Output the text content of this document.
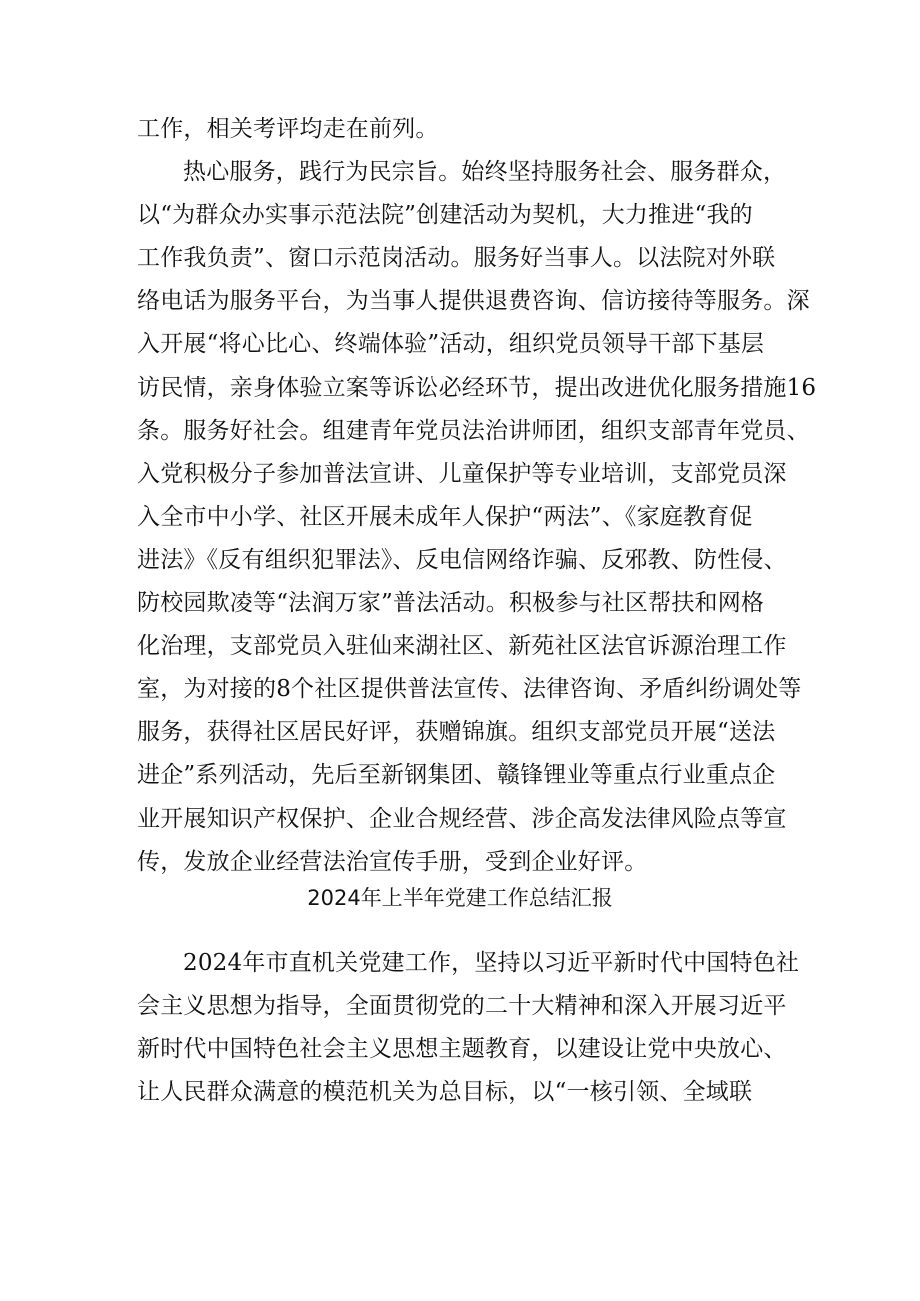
工作，相关考评均走在前列。
热心服务，践行为民宗旨。始终坚持服务社会、服务群众，
以“为群众办实事示范法院”创建活动为契机，大力推进“我的
工作我负责”、窗口示范岗活动。服务好当事人。以法院对外联
络电话为服务平台，为当事人提供退费咨询、信访接待等服务。深
入开展“将心比心、终端体验”活动，组织党员领导干部下基层
访民情，亲身体验立案等诉讼必经环节，提出改进优化服务措施16
条。服务好社会。组建青年党员法治讲师团，组织支部青年党员、
入党积极分子参加普法宣讲、儿童保护等专业培训，支部党员深
入全市中小学、社区开展未成年人保护“两法”、《家庭教育促
进法》《反有组织犯罪法》、反电信网络诈骗、反邪教、防性侵、
防校园欺凌等“法润万家”普法活动。积极参与社区帮扶和网格
化治理，支部党员入驻仙来湖社区、新苑社区法官诉源治理工作
室，为对接的8个社区提供普法宣传、法律咨询、矛盾纠纷调处等
服务，获得社区居民好评，获赠锦旗。组织支部党员开展“送法
进企”系列活动，先后至新钢集团、赣锋锂业等重点行业重点企
业开展知识产权保护、企业合规经营、涉企高发法律风险点等宣
传，发放企业经营法治宣传手册，受到企业好评。
2024年上半年党建工作总结汇报
2024年市直机关党建工作，坚持以习近平新时代中国特色社
会主义思想为指导，全面贯彻党的二十大精神和深入开展习近平
新时代中国特色社会主义思想主题教育，以建设让党中央放心、
让人民群众满意的模范机关为总目标，以“一核引领、全域联
